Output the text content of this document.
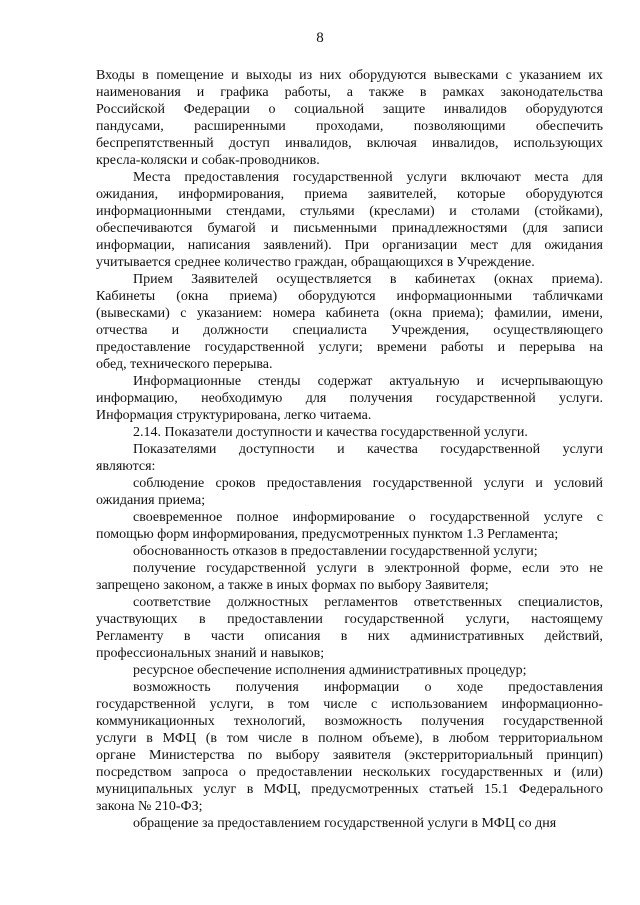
8
Входы в помещение и выходы из них оборудуются вывесками с указанием их
наименования и графика работы, а также в рамках законодательства
Российской Федерации о социальной защите инвалидов оборудуются
пандусами, расширенными проходами, позволяющими обеспечить
беспрепятственный доступ инвалидов, включая инвалидов, использующих
кресла-коляски и собак-проводников.
Места предоставления государственной услуги включают места для
ожидания, информирования, приема заявителей, которые оборудуются
информационными стендами, стульями (креслами) и столами (стойками),
обеспечиваются бумагой и письменными принадлежностями (для записи
информации, написания заявлений). При организации мест для ожидания
учитывается среднее количество граждан, обращающихся в Учреждение.
Прием Заявителей осуществляется в кабинетах (окнах приема).
Кабинеты (окна приема) оборудуются информационными табличками
(вывесками) с указанием: номера кабинета (окна приема); фамилии, имени,
отчества и должности специалиста Учреждения, осуществляющего
предоставление государственной услуги; времени работы и перерыва на
обед, технического перерыва.
Информационные стенды содержат актуальную и исчерпывающую
информацию, необходимую для получения государственной услуги.
Информация структурирована, легко читаема.
2.14. Показатели доступности и качества государственной услуги.
Показателями доступности и качества государственной услуги
являются:
соблюдение сроков предоставления государственной услуги и условий
ожидания приема;
своевременное полное информирование о государственной услуге с
помощью форм информирования, предусмотренных пунктом 1.3 Регламента;
обоснованность отказов в предоставлении государственной услуги;
получение государственной услуги в электронной форме, если это не
запрещено законом, а также в иных формах по выбору Заявителя;
соответствие должностных регламентов ответственных специалистов,
участвующих в предоставлении государственной услуги, настоящему
Регламенту в части описания в них административных действий,
профессиональных знаний и навыков;
ресурсное обеспечение исполнения административных процедур;
возможность получения информации о ходе предоставления
государственной услуги, в том числе с использованием информационно-
коммуникационных технологий, возможность получения государственной
услуги в МФЦ (в том числе в полном объеме), в любом территориальном
органе Министерства по выбору заявителя (экстерриториальный принцип)
посредством запроса о предоставлении нескольких государственных и (или)
муниципальных услуг в МФЦ, предусмотренных статьей 15.1 Федерального
закона № 210-ФЗ;
обращение за предоставлением государственной услуги в МФЦ со дня
